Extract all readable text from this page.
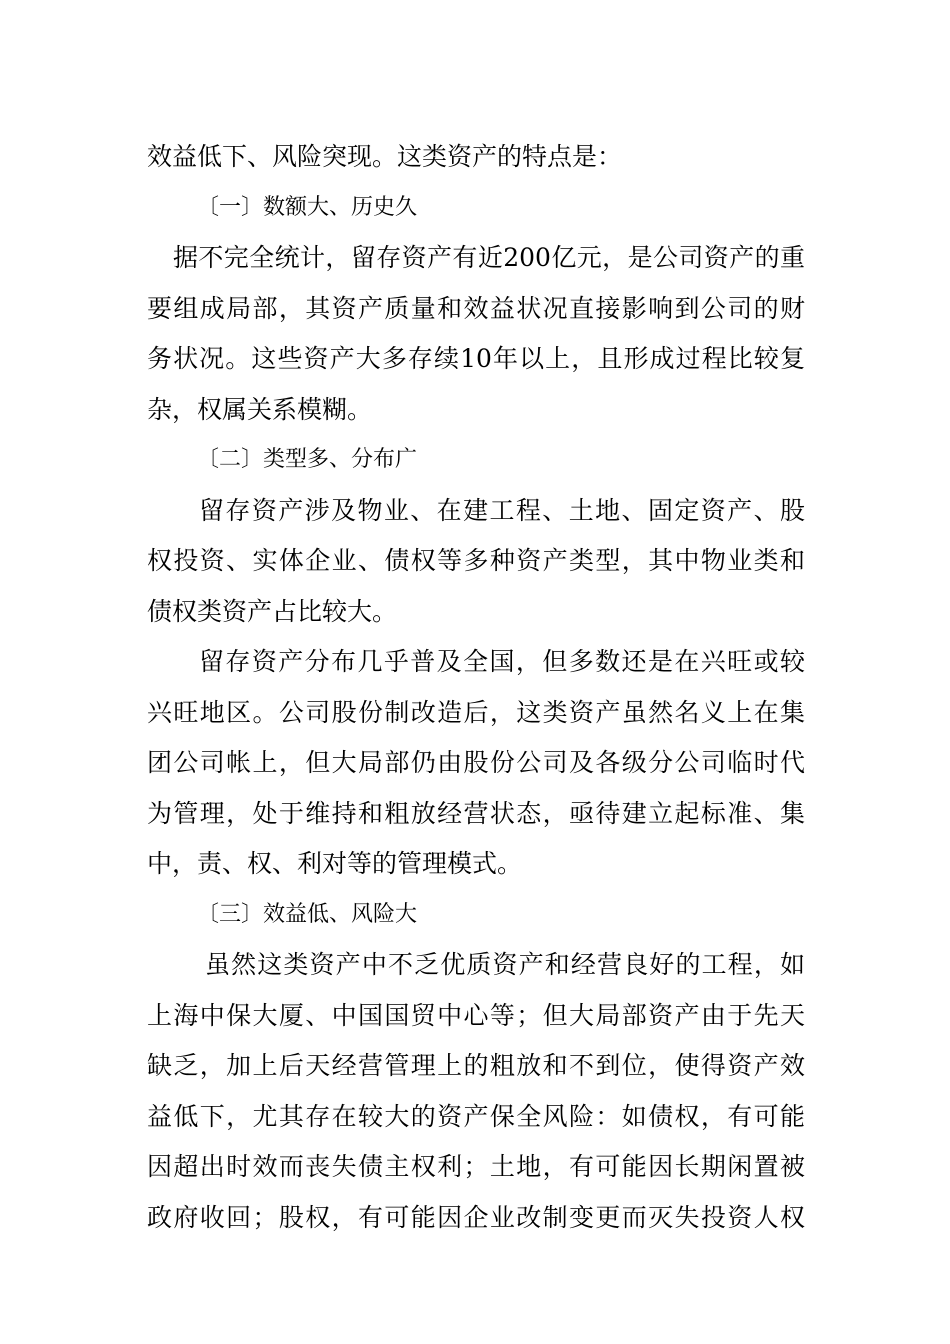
效益低下、风险突现。这类资产的特点是：
〔一〕数额大、历史久
据不完全统计，留存资产有近200亿元，是公司资产的重
要组成局部，其资产质量和效益状况直接影响到公司的财
务状况。这些资产大多存续10年以上，且形成过程比较复
杂，权属关系模糊。
〔二〕类型多、分布广
留存资产涉及物业、在建工程、土地、固定资产、股
权投资、实体企业、债权等多种资产类型，其中物业类和
债权类资产占比较大。
留存资产分布几乎普及全国，但多数还是在兴旺或较
兴旺地区。公司股份制改造后，这类资产虽然名义上在集
团公司帐上，但大局部仍由股份公司及各级分公司临时代
为管理，处于维持和粗放经营状态，亟待建立起标准、集
中，责、权、利对等的管理模式。
〔三〕效益低、风险大
虽然这类资产中不乏优质资产和经营良好的工程，如
上海中保大厦、中国国贸中心等；但大局部资产由于先天
缺乏，加上后天经营管理上的粗放和不到位，使得资产效
益低下，尤其存在较大的资产保全风险：如债权，有可能
因超出时效而丧失债主权利；土地，有可能因长期闲置被
政府收回；股权，有可能因企业改制变更而灭失投资人权
